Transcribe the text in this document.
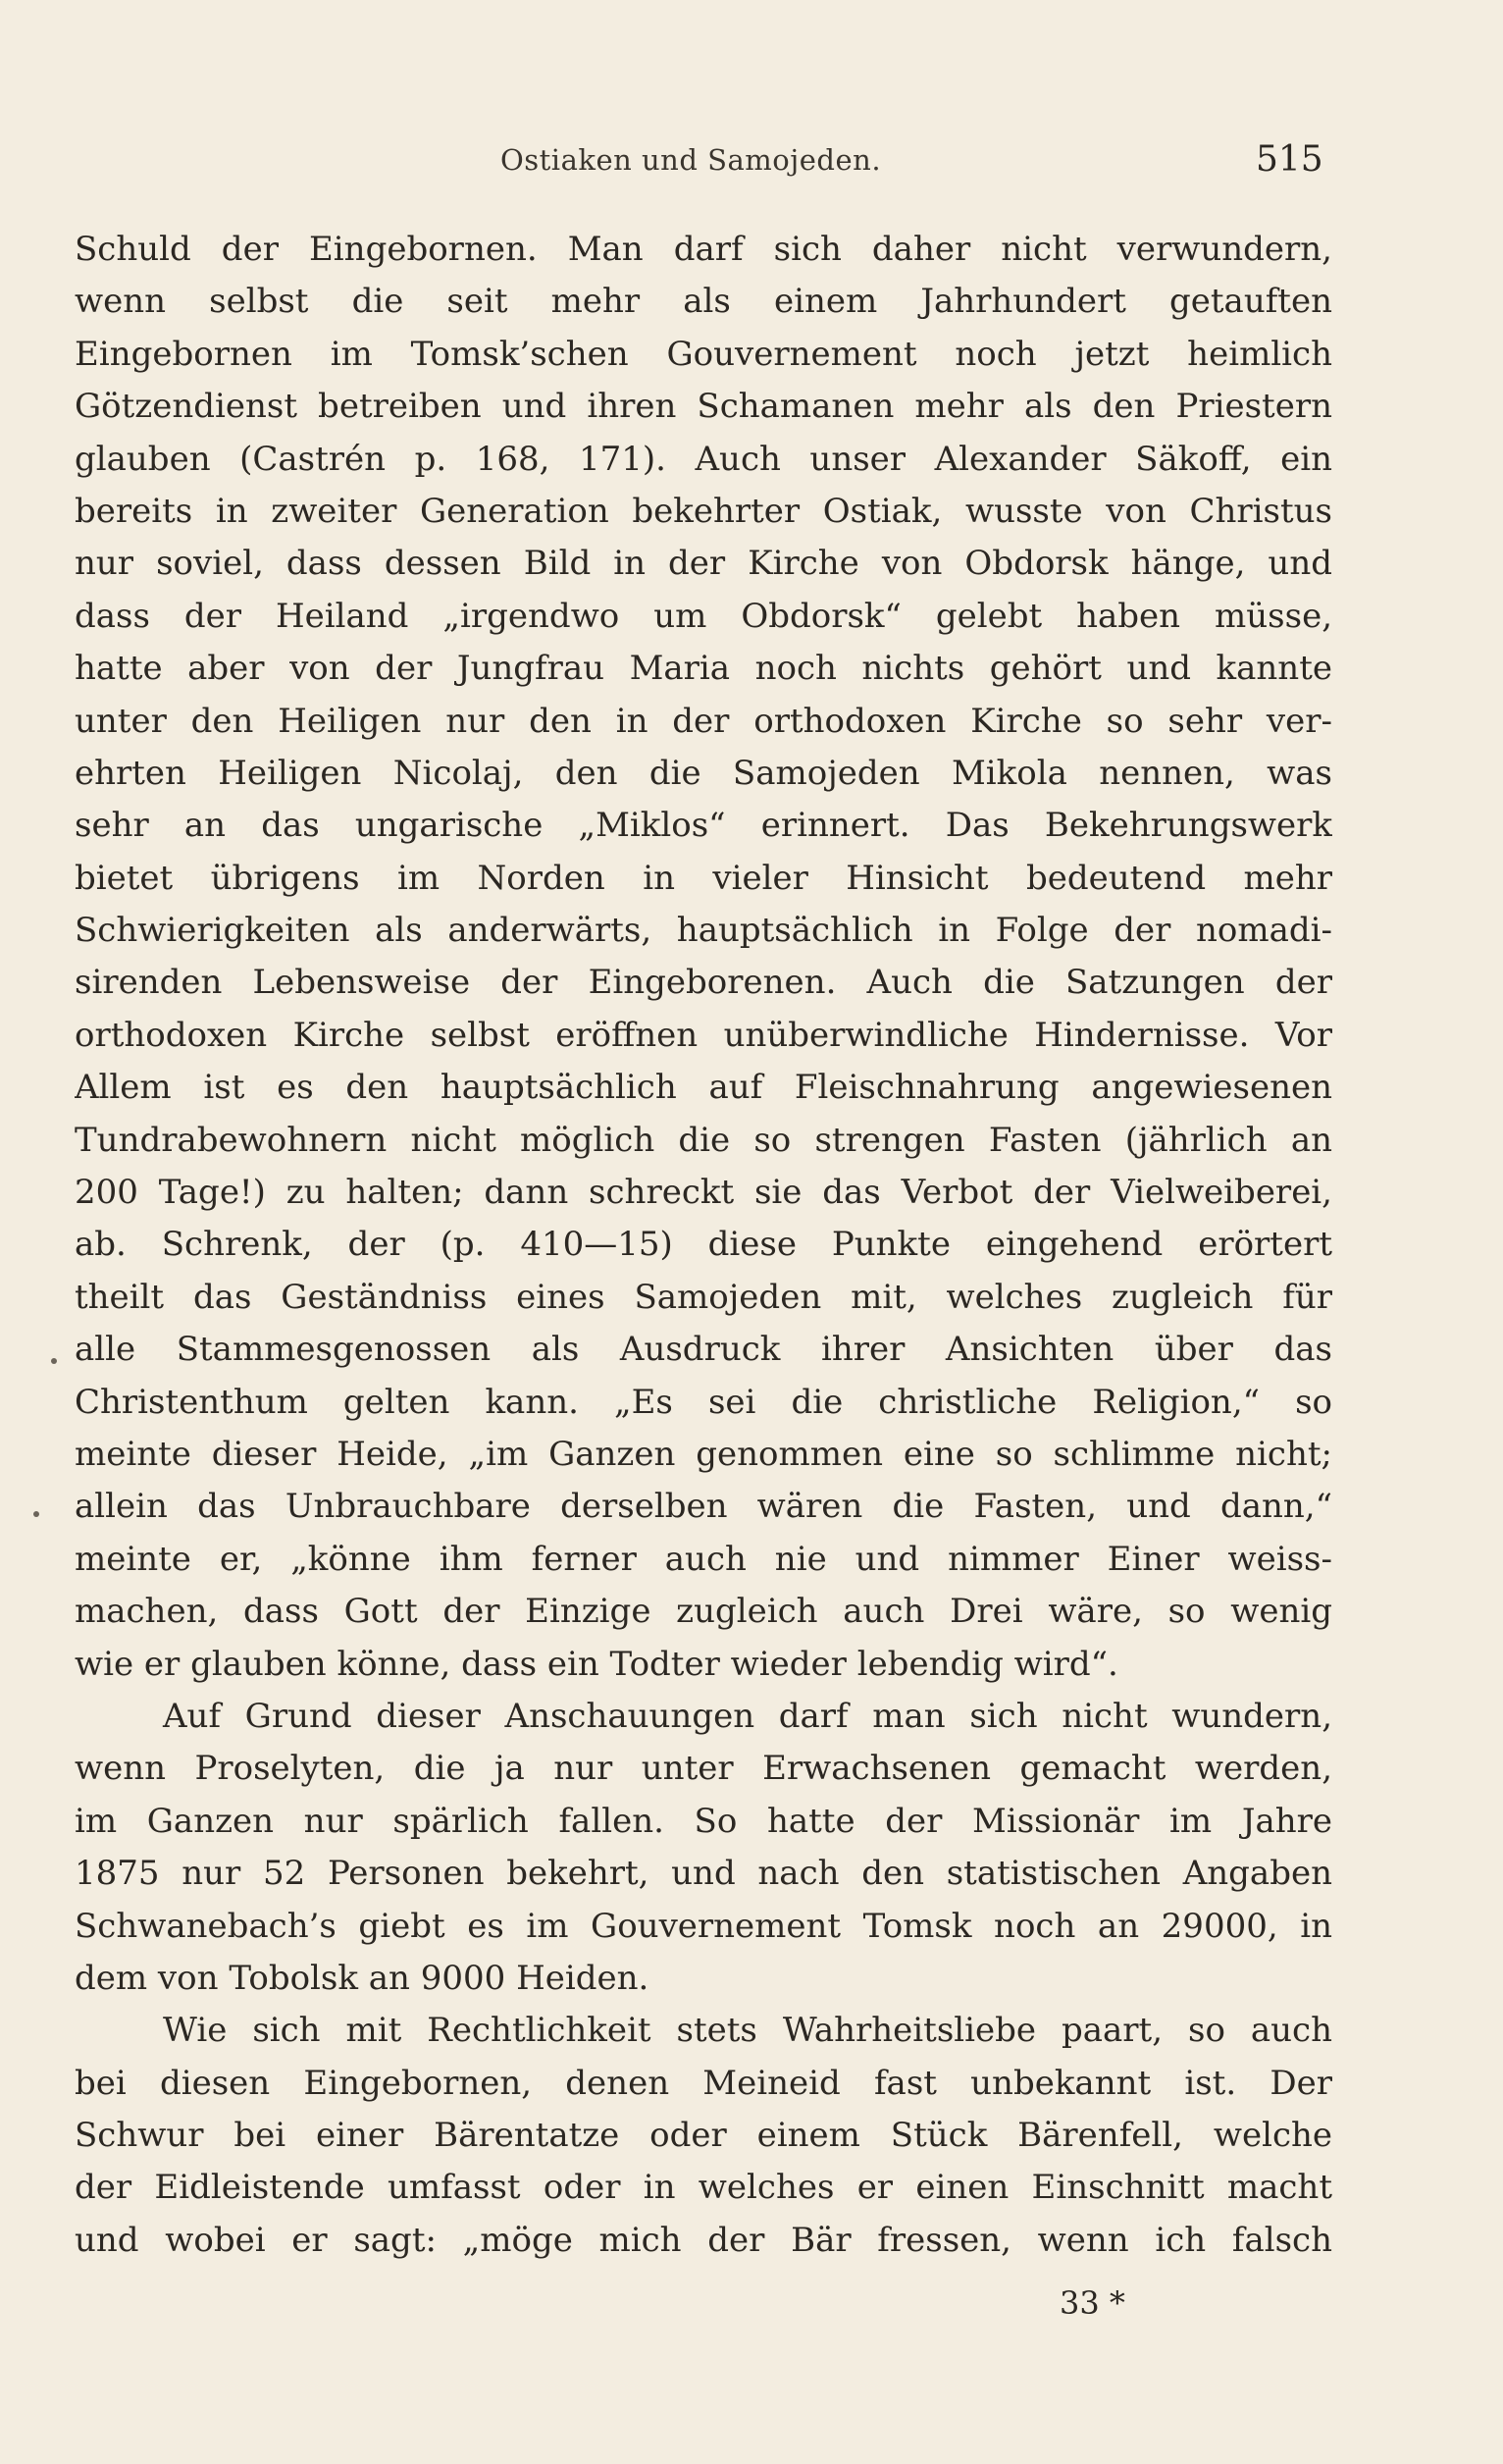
Ostiaken und Samojeden.	515
Schuld der Eingebornen. Man darf sich daher nicht verwundern,
wenn selbst die seit mehr als einem Jahrhundert getauften
Eingebornen im Tomsk’schen Gouvernement noch jetzt heimlich
Götzendienst betreiben und ihren Schamanen mehr als den Priestern
glauben (Castrén p. 168, 171). Auch unser Alexander Säkoff, ein
bereits in zweiter Generation bekehrter Ostiak, wusste von Christus
nur soviel, dass dessen Bild in der Kirche von Obdorsk hänge, und
dass der Heiland „irgendwo um Obdorsk“ gelebt haben müsse,
hatte aber von der Jungfrau Maria noch nichts gehört und kannte
unter den Heiligen nur den in der orthodoxen Kirche so sehr ver-
ehrten Heiligen Nicolaj, den die Samojeden Mikola nennen, was
sehr an das ungarische „Miklos“ erinnert. Das Bekehrungswerk
bietet übrigens im Norden in vieler Hinsicht bedeutend mehr
Schwierigkeiten als anderwärts, hauptsächlich in Folge der nomadi-
sirenden Lebensweise der Eingeborenen. Auch die Satzungen der
orthodoxen Kirche selbst eröffnen unüberwindliche Hindernisse. Vor
Allem ist es den hauptsächlich auf Fleischnahrung angewiesenen
Tundrabewohnern nicht möglich die so strengen Fasten (jährlich an
200 Tage!) zu halten; dann schreckt sie das Verbot der Vielweiberei,
ab. Schrenk, der (p. 410—15) diese Punkte eingehend erörtert
theilt das Geständniss eines Samojeden mit, welches zugleich für
alle Stammesgenossen als Ausdruck ihrer Ansichten über das
Christenthum gelten kann. „Es sei die christliche Religion,“ so
meinte dieser Heide, „im Ganzen genommen eine so schlimme nicht;
allein das Unbrauchbare derselben wären die Fasten, und dann,“
meinte er, „könne ihm ferner auch nie und nimmer Einer weiss-
machen, dass Gott der Einzige zugleich auch Drei wäre, so wenig
wie er glauben könne, dass ein Todter wieder lebendig wird“.
Auf Grund dieser Anschauungen darf man sich nicht wundern,
wenn Proselyten, die ja nur unter Erwachsenen gemacht werden,
im Ganzen nur spärlich fallen. So hatte der Missionär im Jahre
1875 nur 52 Personen bekehrt, und nach den statistischen Angaben
Schwanebach’s giebt es im Gouvernement Tomsk noch an 29000, in
dem von Tobolsk an 9000 Heiden.
Wie sich mit Rechtlichkeit stets Wahrheitsliebe paart, so auch
bei diesen Eingebornen, denen Meineid fast unbekannt ist. Der
Schwur bei einer Bärentatze oder einem Stück Bärenfell, welche
der Eidleistende umfasst oder in welches er einen Einschnitt macht
und wobei er sagt: „möge mich der Bär fressen, wenn ich falsch
33 *
